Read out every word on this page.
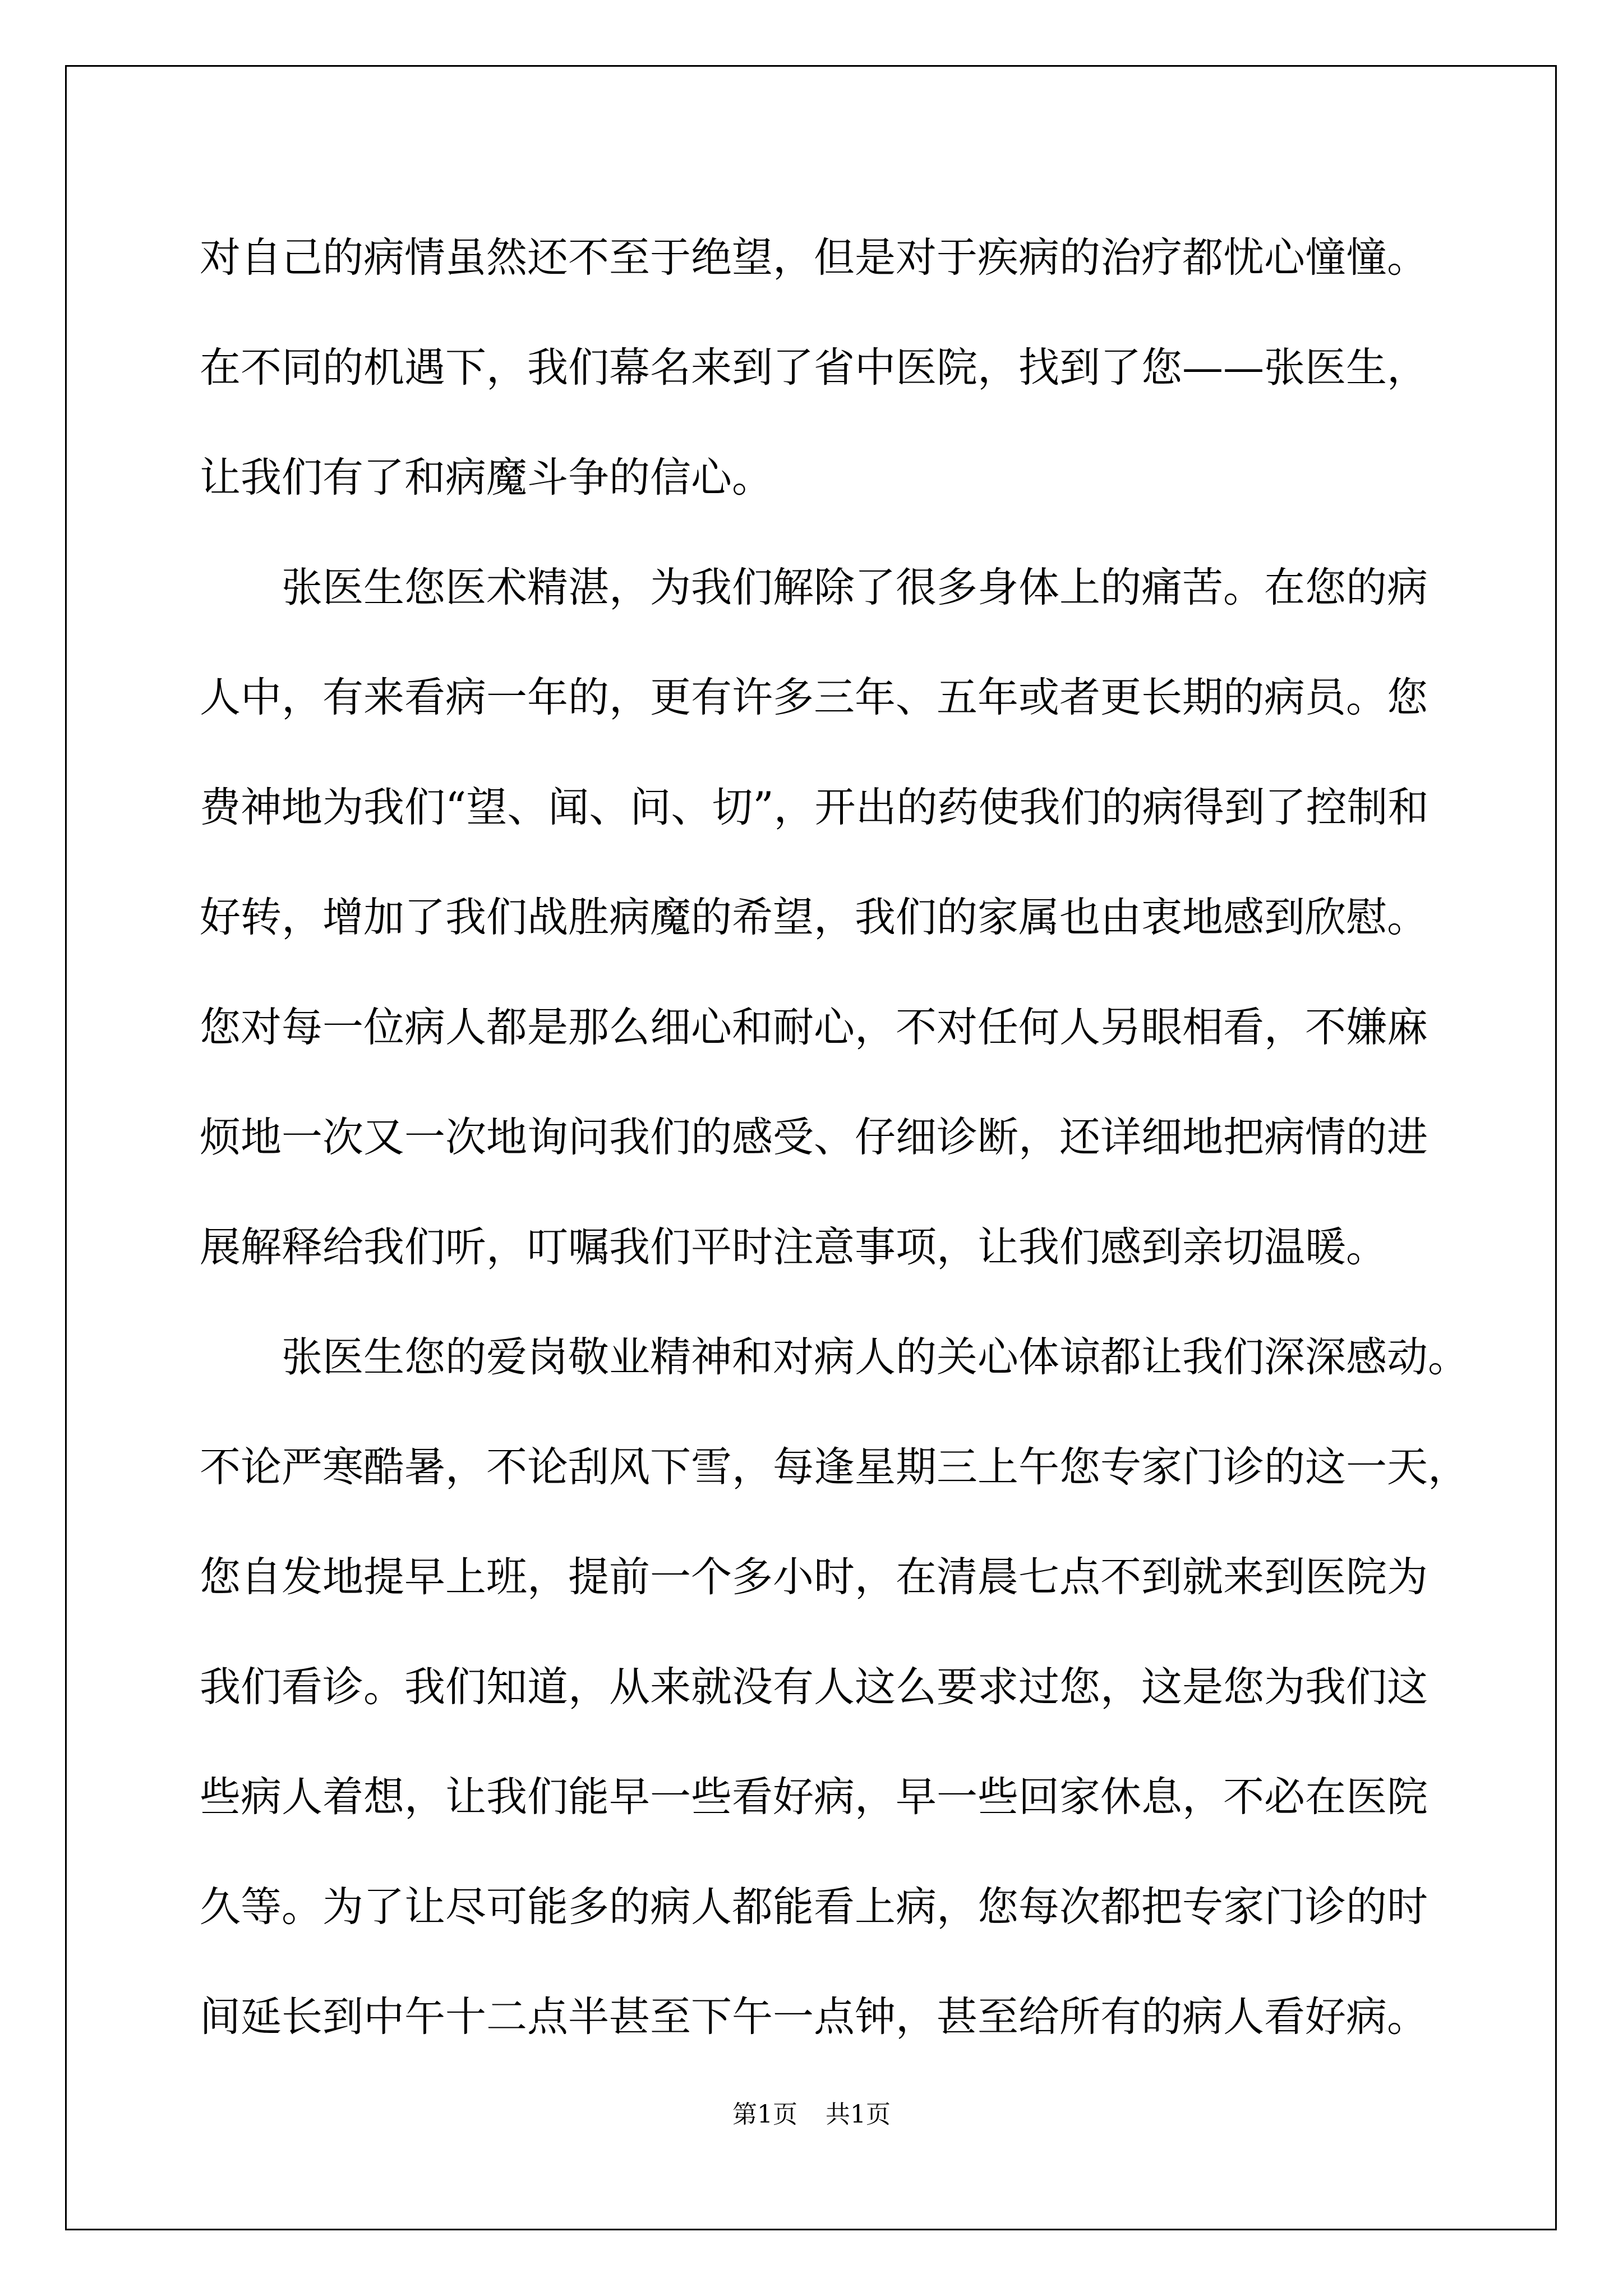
对自己的病情虽然还不至于绝望，但是对于疾病的治疗都忧心憧憧。
在不同的机遇下，我们幕名来到了省中医院，找到了您——张医生，
让我们有了和病魔斗争的信心。
张医生您医术精湛，为我们解除了很多身体上的痛苦。在您的病
人中，有来看病一年的，更有许多三年、五年或者更长期的病员。您
费神地为我们“望、闻、问、切”，开出的药使我们的病得到了控制和
好转，增加了我们战胜病魔的希望，我们的家属也由衷地感到欣慰。
您对每一位病人都是那么细心和耐心，不对任何人另眼相看，不嫌麻
烦地一次又一次地询问我们的感受、仔细诊断，还详细地把病情的进
展解释给我们听，叮嘱我们平时注意事项，让我们感到亲切温暖。
张医生您的爱岗敬业精神和对病人的关心体谅都让我们深深感动。
不论严寒酷暑，不论刮风下雪，每逢星期三上午您专家门诊的这一天，
您自发地提早上班，提前一个多小时，在清晨七点不到就来到医院为
我们看诊。我们知道，从来就没有人这么要求过您，这是您为我们这
些病人着想，让我们能早一些看好病，早一些回家休息，不必在医院
久等。为了让尽可能多的病人都能看上病，您每次都把专家门诊的时
间延长到中午十二点半甚至下午一点钟，甚至给所有的病人看好病。
第1页 共1页
